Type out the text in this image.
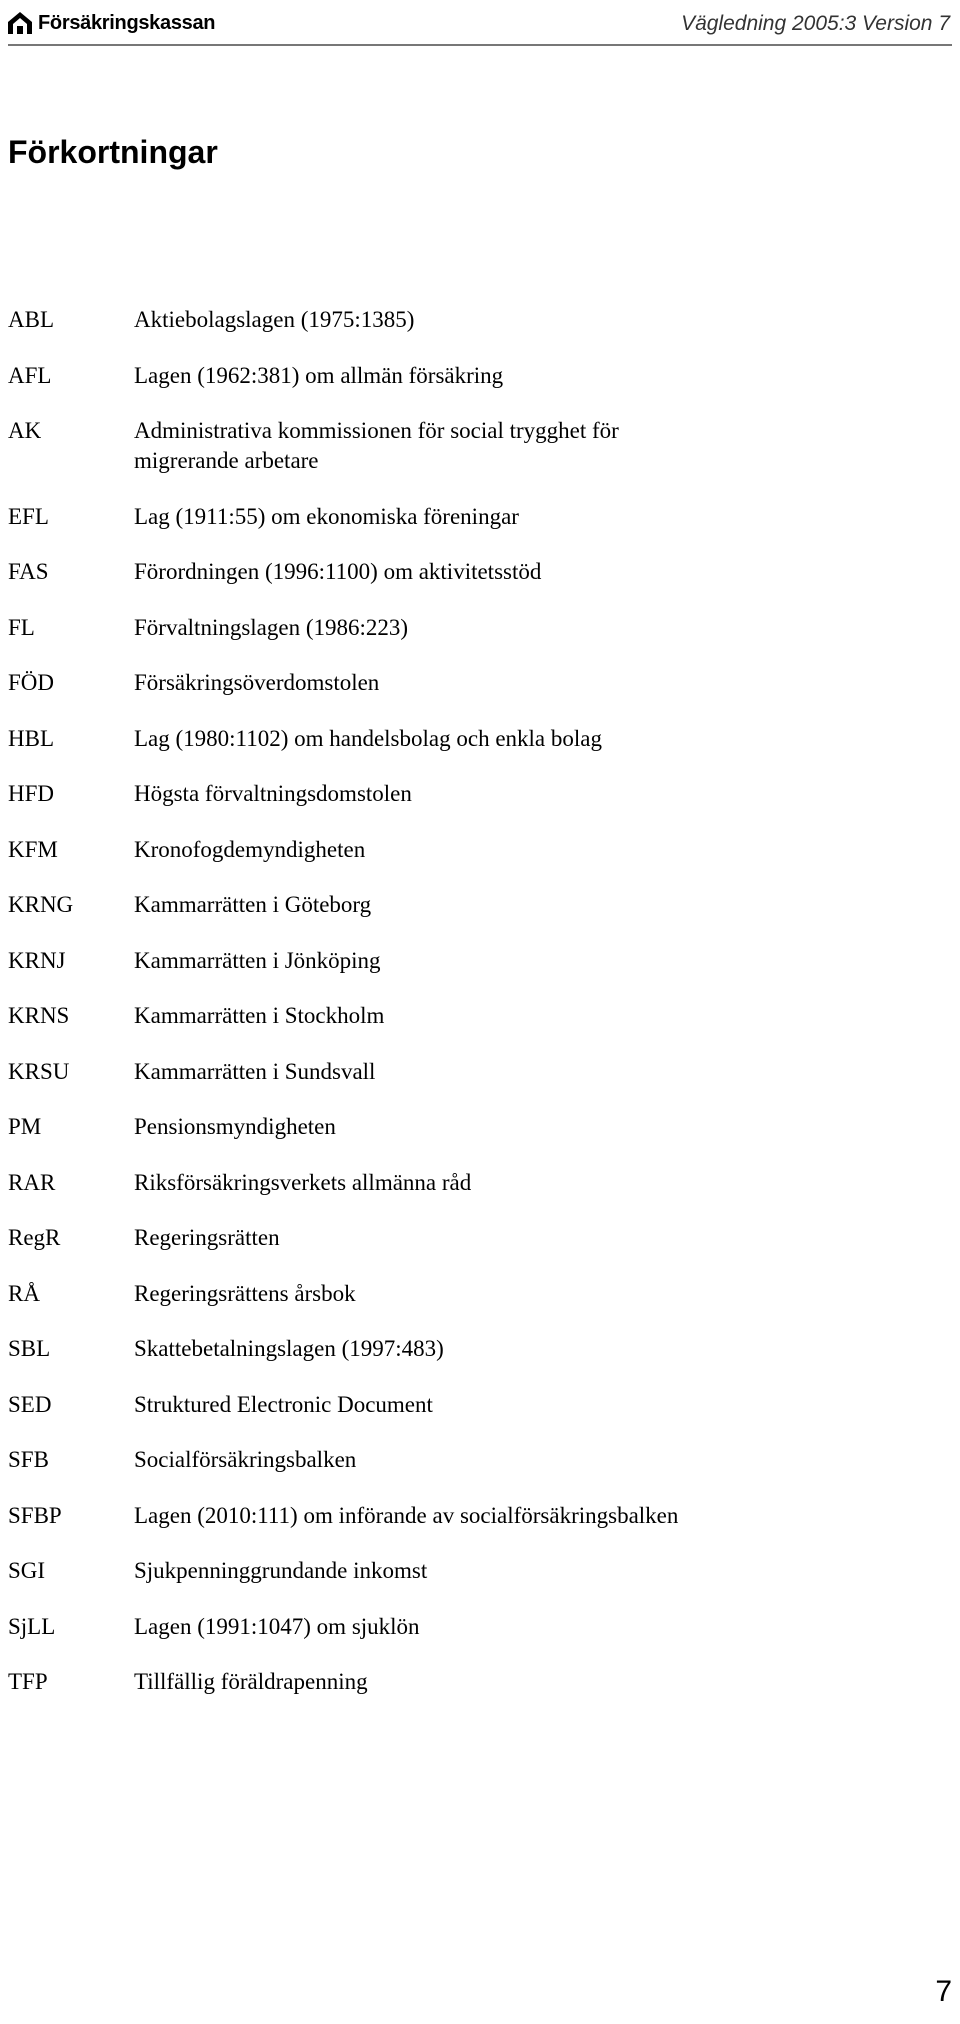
Försäkringskassan	Vägledning 2005:3 Version 7
Förkortningar
ABL	Aktiebolagslagen (1975:1385)
AFL	Lagen (1962:381) om allmän försäkring
AK	Administrativa kommissionen för social trygghet för migrerande arbetare
EFL	Lag (1911:55) om ekonomiska föreningar
FAS	Förordningen (1996:1100) om aktivitetsstöd
FL	Förvaltningslagen (1986:223)
FÖD	Försäkringsöverdomstolen
HBL	Lag (1980:1102) om handelsbolag och enkla bolag
HFD	Högsta förvaltningsdomstolen
KFM	Kronofogdemyndigheten
KRNG	Kammarrätten i Göteborg
KRNJ	Kammarrätten i Jönköping
KRNS	Kammarrätten i Stockholm
KRSU	Kammarrätten i Sundsvall
PM	Pensionsmyndigheten
RAR	Riksförsäkringsverkets allmänna råd
RegR	Regeringsrätten
RÅ	Regeringsrättens årsbok
SBL	Skattebetalningslagen (1997:483)
SED	Struktured Electronic Document
SFB	Socialförsäkringsbalken
SFBP	Lagen (2010:111) om införande av socialförsäkringsbalken
SGI	Sjukpenninggrundande inkomst
SjLL	Lagen (1991:1047) om sjuklön
TFP	Tillfällig föräldrapenning
7
